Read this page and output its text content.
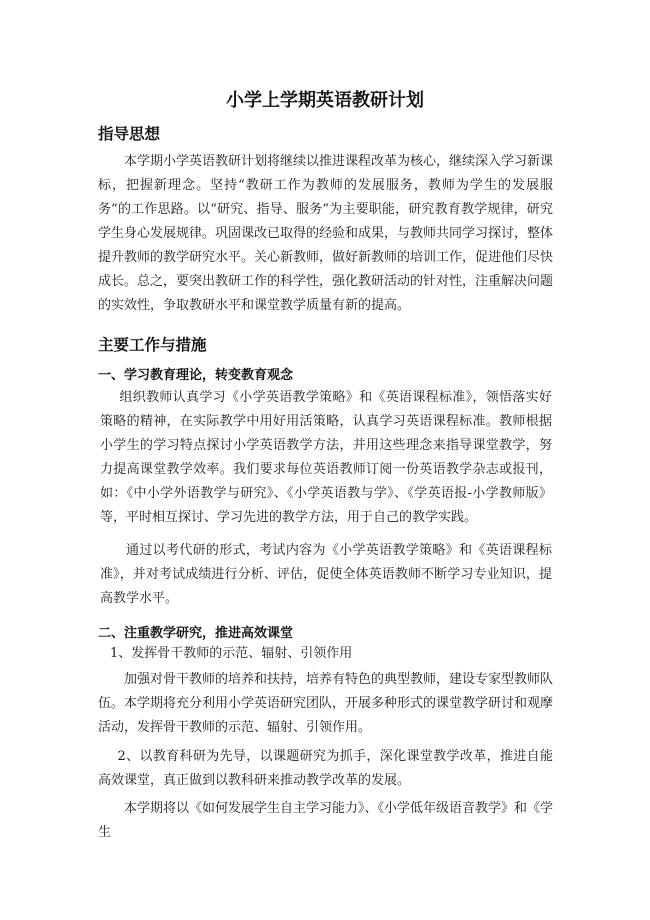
小学上学期英语教研计划
指导思想
本学期小学英语教研计划将继续以推进课程改革为核心，继续深入学习新课标，把握新理念。坚持“教研工作为教师的发展服务，教师为学生的发展服务”的工作思路。以“研究、指导、服务”为主要职能，研究教育教学规律，研究学生身心发展规律。巩固课改已取得的经验和成果，与教师共同学习探讨，整体提升教师的教学研究水平。关心新教师，做好新教师的培训工作，促进他们尽快成长。总之，要突出教研工作的科学性，强化教研活动的针对性，注重解决问题的实效性，争取教研水平和课堂教学质量有新的提高。
主要工作与措施
一、学习教育理论，转变教育观念
组织教师认真学习《小学英语教学策略》和《英语课程标准》，领悟落实好策略的精神，在实际教学中用好用活策略，认真学习英语课程标准。教师根据小学生的学习特点探讨小学英语教学方法，并用这些理念来指导课堂教学，努力提高课堂教学效率。我们要求每位英语教师订阅一份英语教学杂志或报刊，如：《中小学外语教学与研究》、《小学英语教与学》、《学英语报-小学教师版》等，平时相互探讨、学习先进的教学方法，用于自己的教学实践。
通过以考代研的形式，考试内容为《小学英语教学策略》和《英语课程标准》，并对考试成绩进行分析、评估，促使全体英语教师不断学习专业知识，提高教学水平。
二、注重教学研究，推进高效课堂
1、发挥骨干教师的示范、辐射、引领作用
加强对骨干教师的培养和扶持，培养有特色的典型教师，建设专家型教师队伍。本学期将充分利用小学英语研究团队，开展多种形式的课堂教学研讨和观摩活动，发挥骨干教师的示范、辐射、引领作用。
2、以教育科研为先导，以课题研究为抓手，深化课堂教学改革，推进自能高效课堂，真正做到以教科研来推动教学改革的发展。
本学期将以《如何发展学生自主学习能力》、《小学低年级语音教学》和《学生
